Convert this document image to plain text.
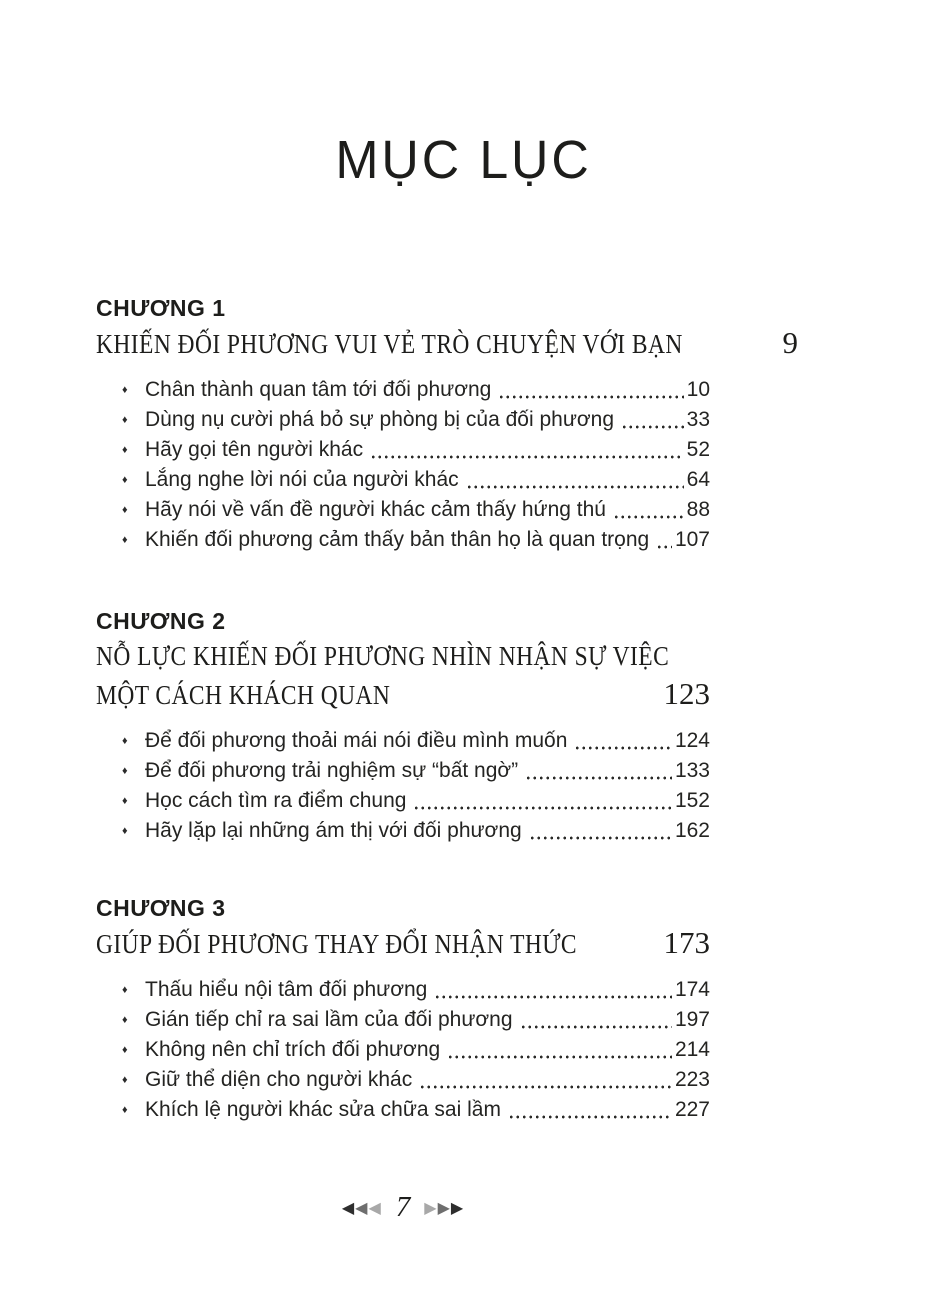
MỤC LỤC
CHƯƠNG 1
KHIẾN ĐỐI PHƯƠNG VUI VẺ TRÒ CHUYỆN VỚI BẠN	9
♦ Chân thành quan tâm tới đối phương	10
♦ Dùng nụ cười phá bỏ sự phòng bị của đối phương	33
♦ Hãy gọi tên người khác	52
♦ Lắng nghe lời nói của người khác	64
♦ Hãy nói về vấn đề người khác cảm thấy hứng thú	88
♦ Khiến đối phương cảm thấy bản thân họ là quan trọng 107
CHƯƠNG 2
NỖ LỰC KHIẾN ĐỐI PHƯƠNG NHÌN NHẬN SỰ VIỆC
MỘT CÁCH KHÁCH QUAN	123
♦ Để đối phương thoải mái nói điều mình muốn	124
♦ Để đối phương trải nghiệm sự “bất ngờ”	133
♦ Học cách tìm ra điểm chung	152
♦ Hãy lặp lại những ám thị với đối phương	162
CHƯƠNG 3
GIÚP ĐỐI PHƯƠNG THAY ĐỔI NHẬN THỨC	173
♦ Thấu hiểu nội tâm đối phương	174
♦ Gián tiếp chỉ ra sai lầm của đối phương	197
♦ Không nên chỉ trích đối phương	214
♦ Giữ thể diện cho người khác	223
♦ Khích lệ người khác sửa chữa sai lầm	227
◀ ◀ ◀ 7 ▶ ▶ ▶
